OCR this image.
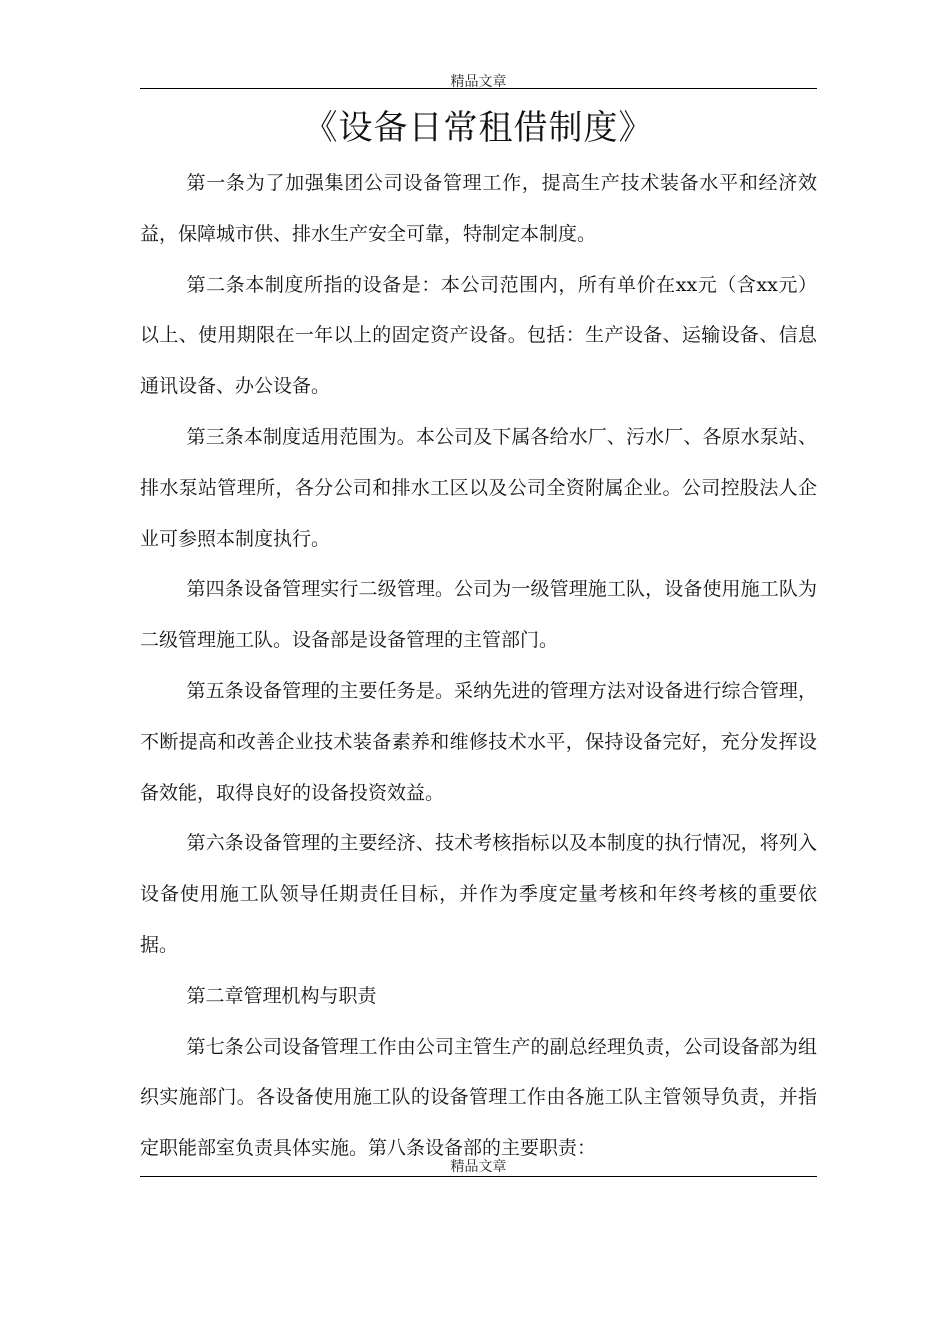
精品文章
《设备日常租借制度》

第一条为了加强集团公司设备管理工作，提高生产技术装备水平和经济效益，保障城市供、排水生产安全可靠，特制定本制度。

第二条本制度所指的设备是：本公司范围内，所有单价在xx元（含xx元）以上、使用期限在一年以上的固定资产设备。包括：生产设备、运输设备、信息通讯设备、办公设备。

第三条本制度适用范围为。本公司及下属各给水厂、污水厂、各原水泵站、排水泵站管理所，各分公司和排水工区以及公司全资附属企业。公司控股法人企业可参照本制度执行。

第四条设备管理实行二级管理。公司为一级管理施工队，设备使用施工队为二级管理施工队。设备部是设备管理的主管部门。

第五条设备管理的主要任务是。采纳先进的管理方法对设备进行综合管理，不断提高和改善企业技术装备素养和维修技术水平，保持设备完好，充分发挥设备效能，取得良好的设备投资效益。

第六条设备管理的主要经济、技术考核指标以及本制度的执行情况，将列入设备使用施工队领导任期责任目标，并作为季度定量考核和年终考核的重要依据。

第二章管理机构与职责

第七条公司设备管理工作由公司主管生产的副总经理负责，公司设备部为组织实施部门。各设备使用施工队的设备管理工作由各施工队主管领导负责，并指定职能部室负责具体实施。第八条设备部的主要职责：

精品文章
